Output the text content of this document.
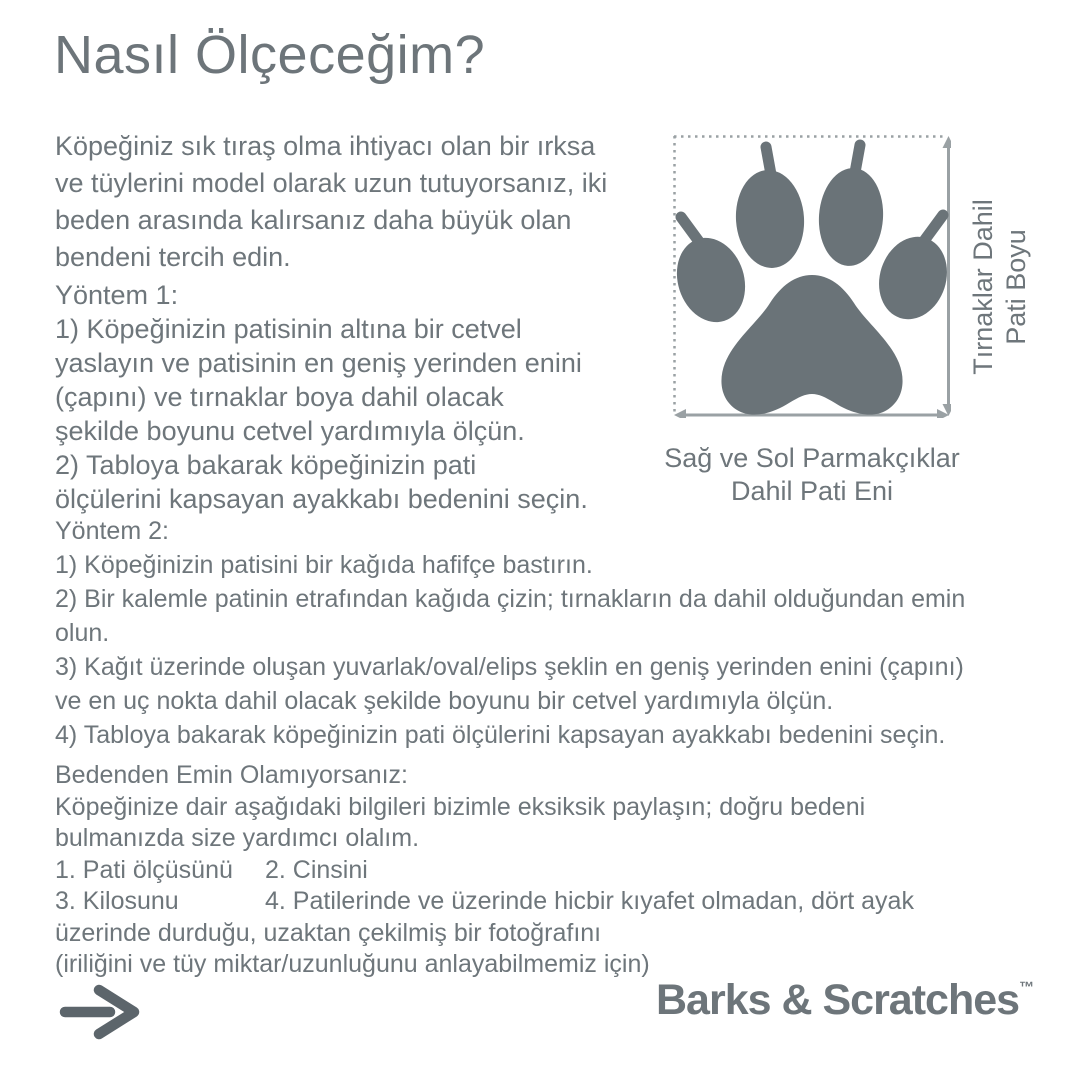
Nasıl Ölçeceğim?
Köpeğiniz sık tıraş olma ihtiyacı olan bir ırksa
ve tüylerini model olarak uzun tutuyorsanız, iki
beden arasında kalırsanız daha büyük olan
bendeni tercih edin.
Yöntem 1:
1) Köpeğinizin patisinin altına bir cetvel
yaslayın ve patisinin en geniş yerinden enini
(çapını) ve tırnaklar boya dahil olacak
şekilde boyunu cetvel yardımıyla ölçün.
2) Tabloya bakarak köpeğinizin pati
ölçülerini kapsayan ayakkabı bedenini seçin.
Tırnaklar Dahil Pati Boyu
Sağ ve Sol Parmakçıklar
Dahil Pati Eni
Yöntem 2:
1) Köpeğinizin patisini bir kağıda hafifçe bastırın.
2) Bir kalemle patinin etrafından kağıda çizin; tırnakların da dahil olduğundan emin
olun.
3) Kağıt üzerinde oluşan yuvarlak/oval/elips şeklin en geniş yerinden enini (çapını)
ve en uç nokta dahil olacak şekilde boyunu bir cetvel yardımıyla ölçün.
4) Tabloya bakarak köpeğinizin pati ölçülerini kapsayan ayakkabı bedenini seçin.
Bedenden Emin Olamıyorsanız:
Köpeğinize dair aşağıdaki bilgileri bizimle eksiksik paylaşın; doğru bedeni
bulmanızda size yardımcı olalım.
1. Pati ölçüsünü 2. Cinsini
3. Kilosunu	4. Patilerinde ve üzerinde hicbir kıyafet olmadan, dört ayak
üzerinde durduğu, uzaktan çekilmiş bir fotoğrafını
(iriliğini ve tüy miktar/uzunluğunu anlayabilmemiz için)
Barks & Scratches™
